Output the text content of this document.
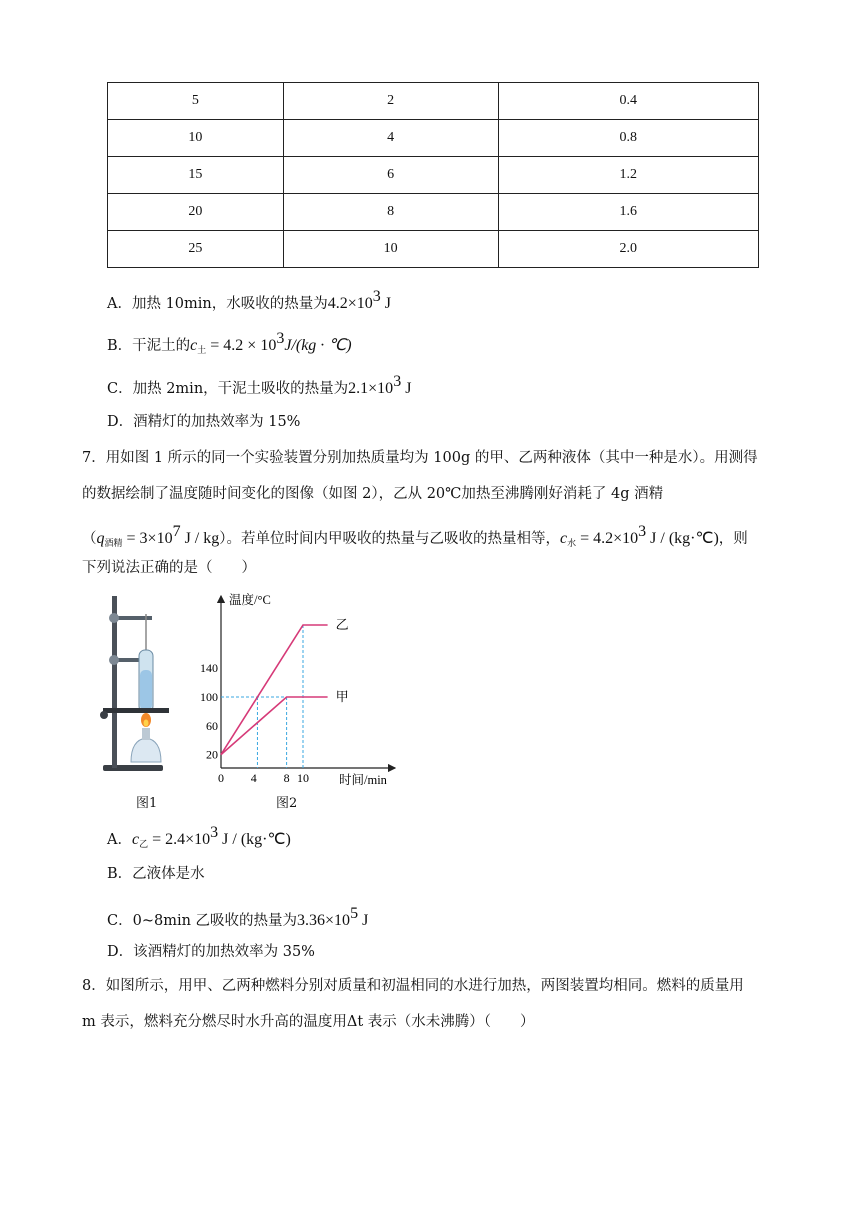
5	2	0.4
10	4	0.8
15	6	1.2
20	8	1.6
25	10	2.0
A．加热 10min，水吸收的热量为$4.2\times 10^3$ J
B．干泥土的$c_土 = 4.2 \times 10^3J/(kg$ · ℃)
C．加热 2min，干泥土吸收的热量为$2.1\times 10^3$ J
D．酒精灯的加热效率为 15%
7．用如图 1 所示的同一个实验装置分别加热质量均为 100g 的甲、乙两种液体（其中一种是水）。用测得
的数据绘制了温度随时间变化的图像（如图 2），乙从 20℃加热至沸腾刚好消耗了 4g 酒精
（$q_{酒精} = 3\times 10^7$ J / kg）。若单位时间内甲吸收的热量与乙吸收的热量相等，$c_水 = 4.2\times 10^3$ J / (kg·℃)，则
下列说法正确的是（　　）
图1
温度/°C
时间/min
20
60
100
140
0 4 8 10
乙
甲
图2
A．$c_乙 = 2.4\times 10^3$ J / (kg·℃)
B．乙液体是水
C．0~8min 乙吸收的热量为$3.36\times 10^5$ J
D．该酒精灯的加热效率为 35%
8．如图所示，用甲、乙两种燃料分别对质量和初温相同的水进行加热，两图装置均相同。燃料的质量用
m 表示，燃料充分燃尽时水升高的温度用Δt 表示（水未沸腾）（　　）
